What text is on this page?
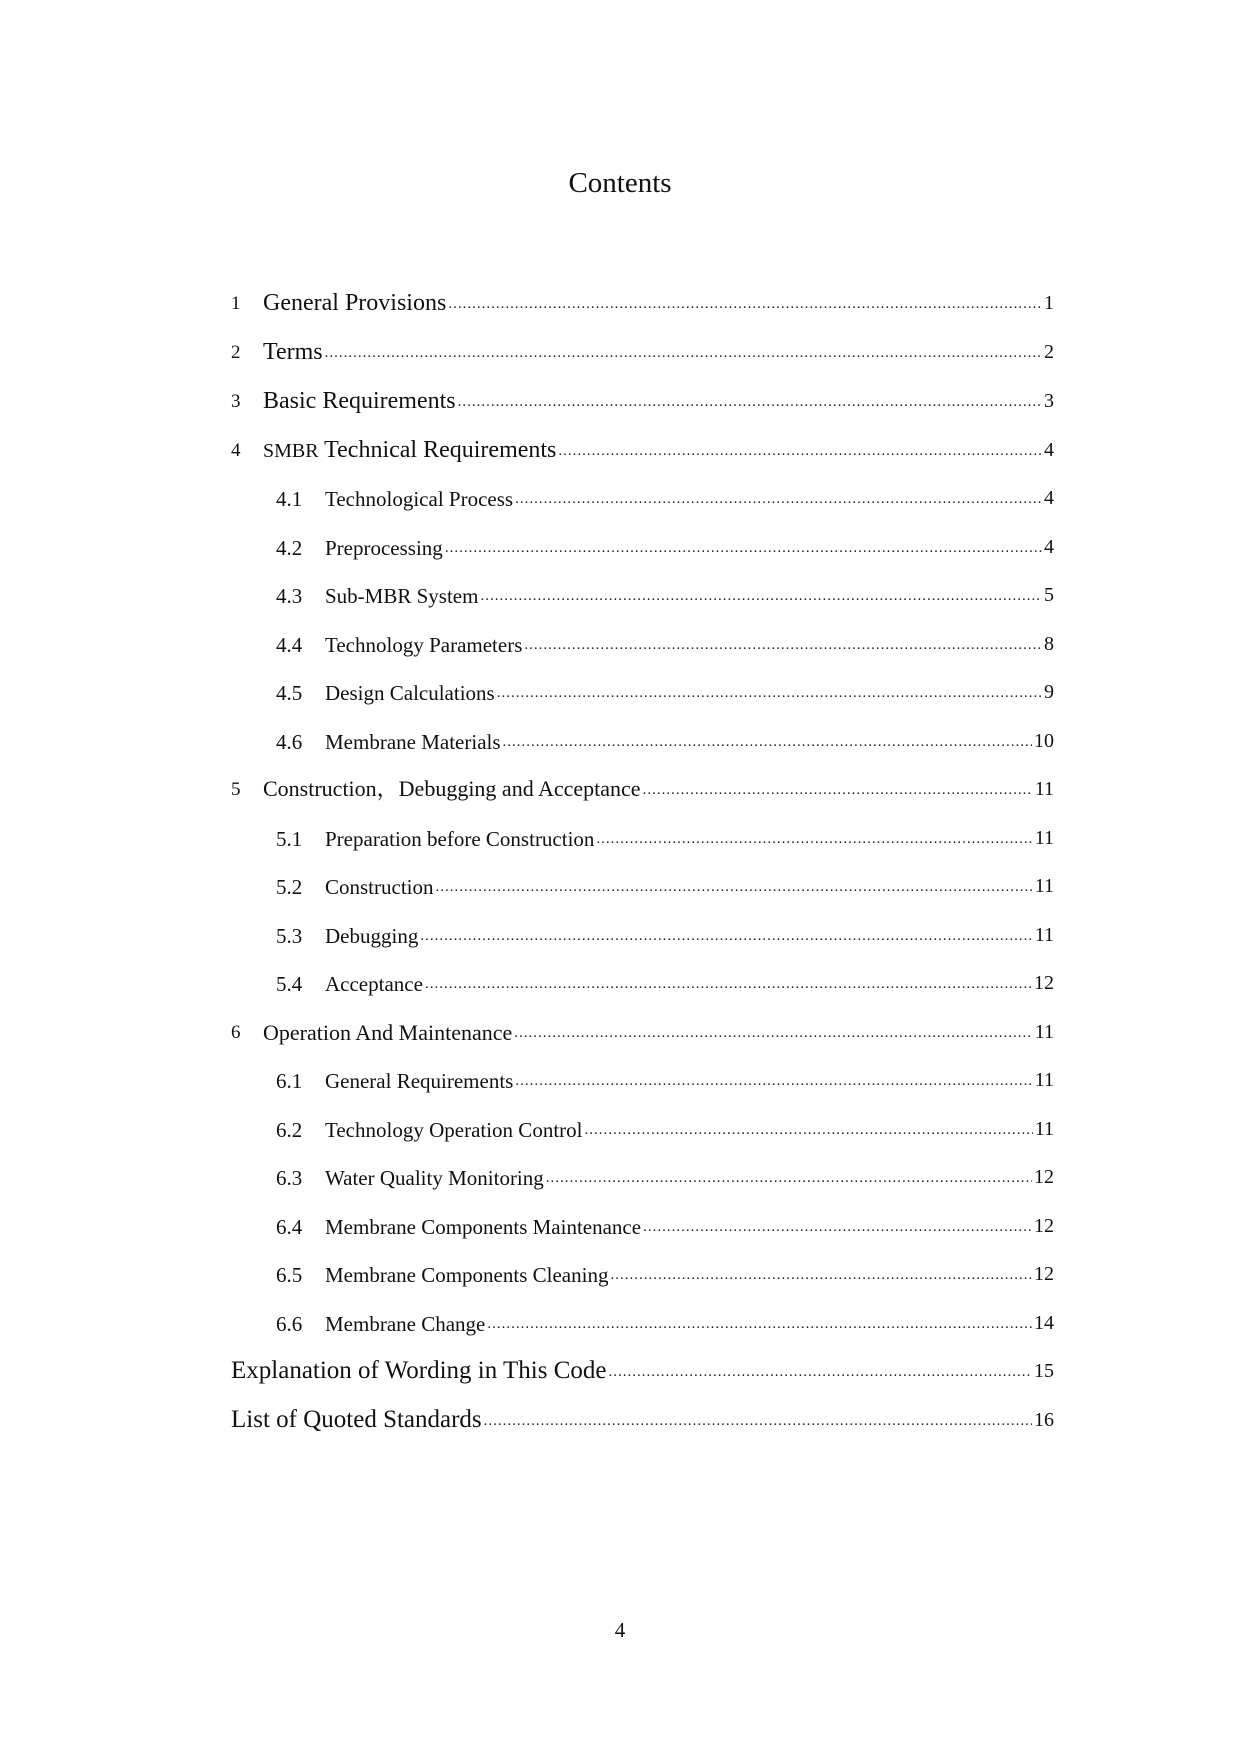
Contents
1 General Provisions .....	1
2 Terms .....	2
3 Basic Requirements .....	3
4	SMBR Technical Requirements .....	4
4.1	Technological Process .....	4
4.2	Preprocessing .....	4
4.3	Sub-MBR System .....	5
4.4	Technology Parameters .....	8
4.5	Design Calculations .....	9
4.6	Membrane Materials .....	10
5	Construction，Debugging and Acceptance .....	11
5.1	Preparation before Construction .....	11
5.2	Construction .....	11
5.3	Debugging .....	11
5.4	Acceptance .....	12
6	Operation And Maintenance .....	11
6.1	General Requirements .....	11
6.2	Technology Operation Control .....	11
6.3	Water Quality Monitoring .....	12
6.4	Membrane Components Maintenance .....	12
6.5	Membrane Components Cleaning .....	12
6.6	Membrane Change .....	14
Explanation of Wording in This Code .....	15
List of Quoted Standards .....	16
4
